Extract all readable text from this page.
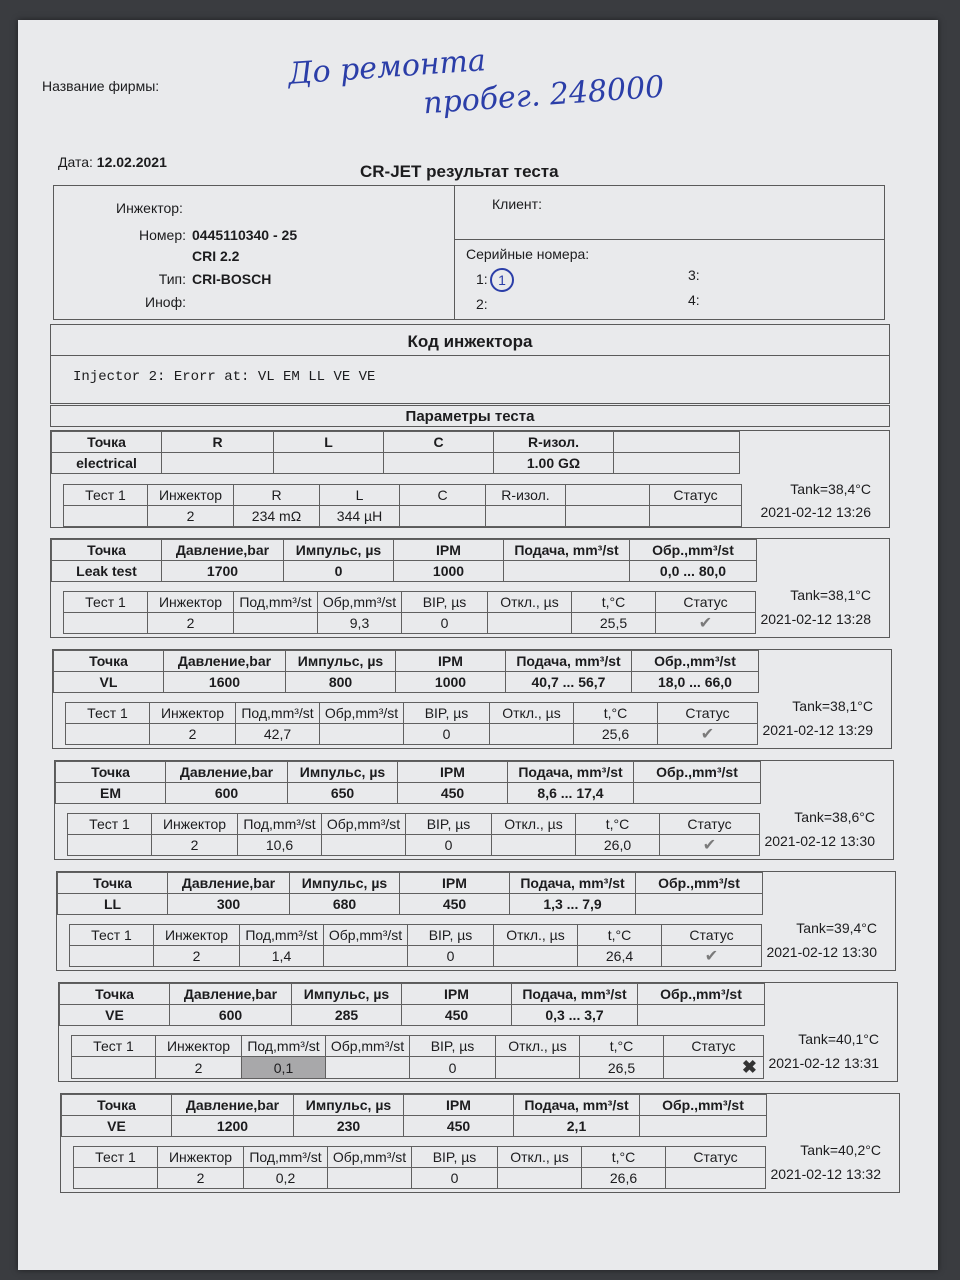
Название фирмы:	До ремонта
пробег. 248000
Дата: 12.02.2021	CR-JET результат теста
Инжектор:
Номер: 0445110340 - 25
CRI 2.2
Тип: CRI-BOSCH
Иноф:
Клиент:
Серийные номера:
1: 1
2:
3:
4:
Код инжектора
Injector 2: Erorr at: VL EM LL VE VE
Параметры теста
Точка	R	L	C	R-изол.	
electrical				1.00 GΩ	
Тест 1	Инжектор	R	L	C	R-изол.		Статус
	2	234 mΩ	344 µH				
Tank=38,4°C
2021-02-12 13:26
Точка	Давление,bar	Импульс, µs	IPM	Подача, mm³/st	Обр.,mm³/st
Leak test	1700	0	1000		0,0 ... 80,0
Тест 1	Инжектор	Под,mm³/st	Обр,mm³/st	BIP, µs	Откл., µs	t,°C	Статус
	2		9,3	0		25,5	✔
Tank=38,1°C
2021-02-12 13:28
Точка	Давление,bar	Импульс, µs	IPM	Подача, mm³/st	Обр.,mm³/st
VL	1600	800	1000	40,7 ... 56,7	18,0 ... 66,0
Тест 1	Инжектор	Под,mm³/st	Обр,mm³/st	BIP, µs	Откл., µs	t,°C	Статус
	2	42,7		0		25,6	✔
Tank=38,1°C
2021-02-12 13:29
Точка	Давление,bar	Импульс, µs	IPM	Подача, mm³/st	Обр.,mm³/st
EM	600	650	450	8,6 ... 17,4	
Тест 1	Инжектор	Под,mm³/st	Обр,mm³/st	BIP, µs	Откл., µs	t,°C	Статус
	2	10,6		0		26,0	✔
Tank=38,6°C
2021-02-12 13:30
Точка	Давление,bar	Импульс, µs	IPM	Подача, mm³/st	Обр.,mm³/st
LL	300	680	450	1,3 ... 7,9	
Тест 1	Инжектор	Под,mm³/st	Обр,mm³/st	BIP, µs	Откл., µs	t,°C	Статус
	2	1,4		0		26,4	✔
Tank=39,4°C
2021-02-12 13:30
Точка	Давление,bar	Импульс, µs	IPM	Подача, mm³/st	Обр.,mm³/st
VE	600	285	450	0,3 ... 3,7	
Тест 1	Инжектор	Под,mm³/st	Обр,mm³/st	BIP, µs	Откл., µs	t,°C	Статус
	2	0,1		0		26,5	✖
Tank=40,1°C
2021-02-12 13:31
Точка	Давление,bar	Импульс, µs	IPM	Подача, mm³/st	Обр.,mm³/st
VE	1200	230	450	2,1	
Тест 1	Инжектор	Под,mm³/st	Обр,mm³/st	BIP, µs	Откл., µs	t,°C	Статус
	2	0,2		0		26,6	
Tank=40,2°C
2021-02-12 13:32
